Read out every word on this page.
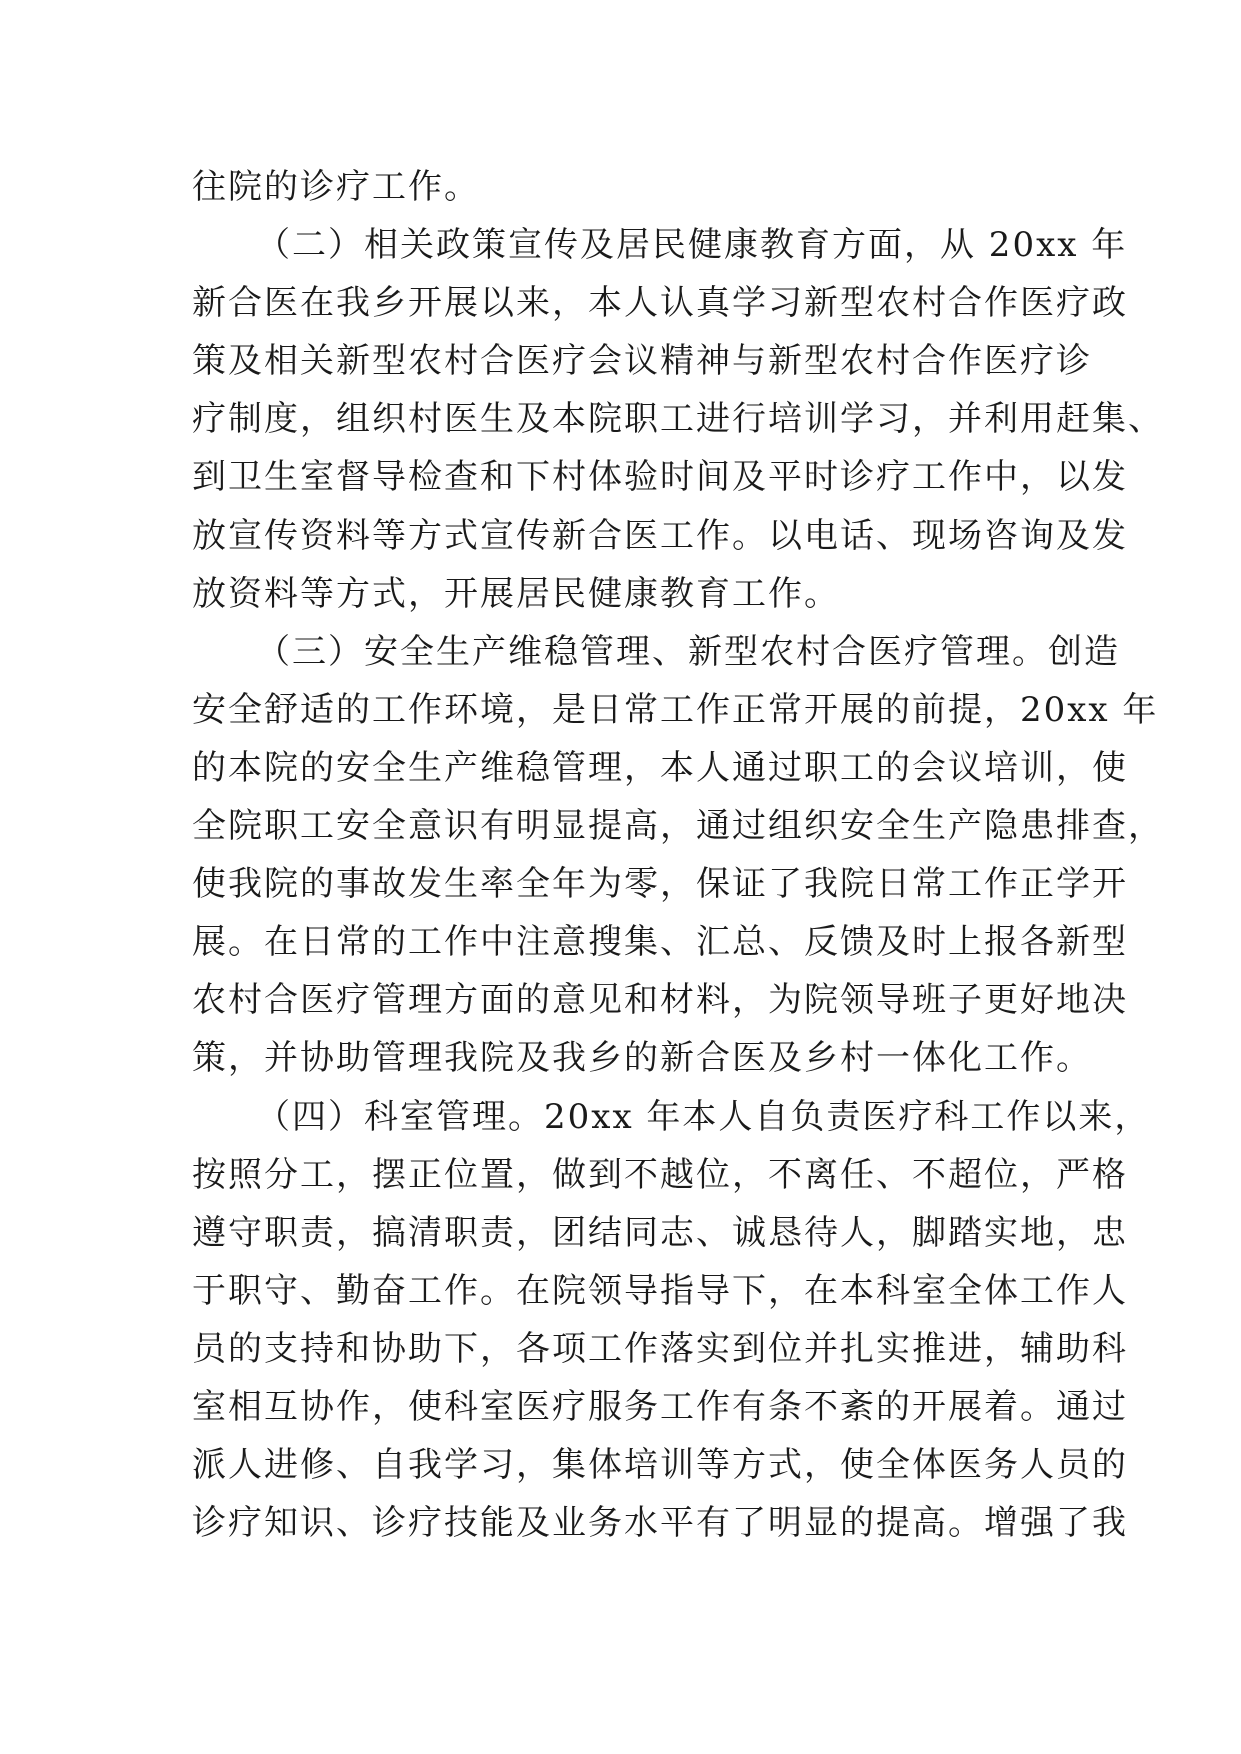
往院的诊疗工作。
（二）相关政策宣传及居民健康教育方面，从 20xx 年
新合医在我乡开展以来，本人认真学习新型农村合作医疗政
策及相关新型农村合医疗会议精神与新型农村合作医疗诊
疗制度，组织村医生及本院职工进行培训学习，并利用赶集、
到卫生室督导检查和下村体验时间及平时诊疗工作中，以发
放宣传资料等方式宣传新合医工作。以电话、现场咨询及发
放资料等方式，开展居民健康教育工作。
（三）安全生产维稳管理、新型农村合医疗管理。创造
安全舒适的工作环境，是日常工作正常开展的前提，20xx 年
的本院的安全生产维稳管理，本人通过职工的会议培训，使
全院职工安全意识有明显提高，通过组织安全生产隐患排查，
使我院的事故发生率全年为零，保证了我院日常工作正学开
展。在日常的工作中注意搜集、汇总、反馈及时上报各新型
农村合医疗管理方面的意见和材料，为院领导班子更好地决
策，并协助管理我院及我乡的新合医及乡村一体化工作。
（四）科室管理。20xx 年本人自负责医疗科工作以来，
按照分工，摆正位置，做到不越位，不离任、不超位，严格
遵守职责，搞清职责，团结同志、诚恳待人，脚踏实地，忠
于职守、勤奋工作。在院领导指导下，在本科室全体工作人
员的支持和协助下，各项工作落实到位并扎实推进，辅助科
室相互协作，使科室医疗服务工作有条不紊的开展着。通过
派人进修、自我学习，集体培训等方式，使全体医务人员的
诊疗知识、诊疗技能及业务水平有了明显的提高。增强了我
